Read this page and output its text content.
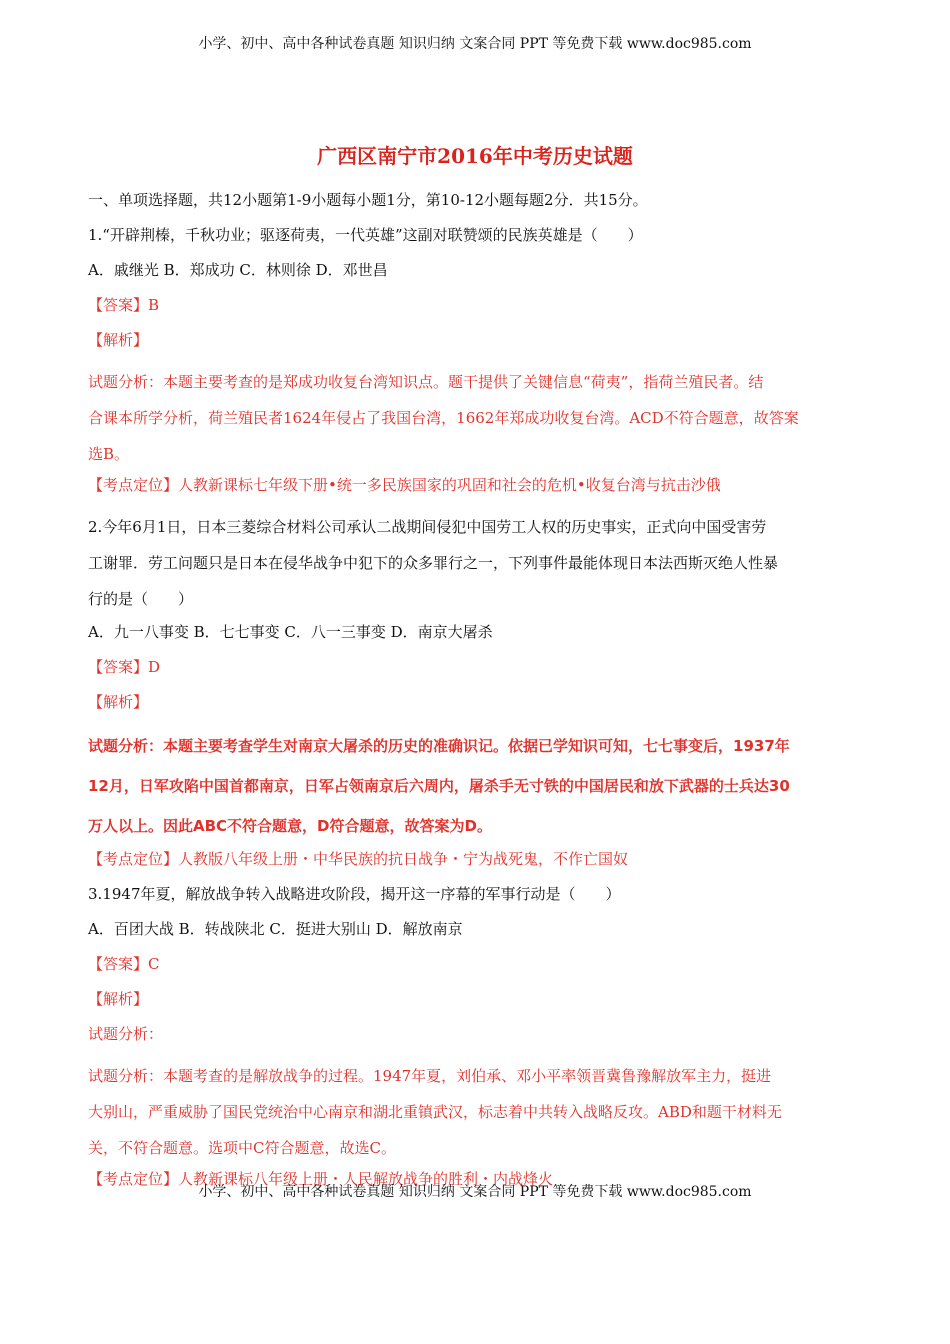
小学、初中、高中各种试卷真题 知识归纳 文案合同 PPT 等免费下载 www.doc985.com
广西区南宁市2016年中考历史试题
一、单项选择题，共12小题第1-9小题每小题1分，第10-12小题每题2分．共15分。
1.“开辟荆榛，千秋功业；驱逐荷夷，一代英雄”这副对联赞颂的民族英雄是（　　）
A．戚继光 B．郑成功 C．林则徐 D．邓世昌
【答案】B
【解析】

试题分析：本题主要考查的是郑成功收复台湾知识点。题干提供了关键信息“荷夷”，指荷兰殖民者。结

合课本所学分析，荷兰殖民者1624年侵占了我国台湾，1662年郑成功收复台湾。ACD不符合题意，故答案

选B。

【考点定位】人教新课标七年级下册•统一多民族国家的巩固和社会的危机•收复台湾与抗击沙俄

2.今年6月1日，日本三菱综合材料公司承认二战期间侵犯中国劳工人权的历史事实，正式向中国受害劳

工谢罪．劳工问题只是日本在侵华战争中犯下的众多罪行之一，下列事件最能体现日本法西斯灭绝人性暴

行的是（　　）

A．九一八事变 B．七七事变 C．八一三事变 D．南京大屠杀
【答案】D
【解析】

试题分析：本题主要考查学生对南京大屠杀的历史的准确识记。依据已学知识可知，七七事变后，1937年

12月，日军攻陷中国首都南京，日军占领南京后六周内，屠杀手无寸铁的中国居民和放下武器的士兵达30

万人以上。因此ABC不符合题意，D符合题意，故答案为D。

【考点定位】人教版八年级上册・中华民族的抗日战争・宁为战死鬼，不作亡国奴
3.1947年夏，解放战争转入战略进攻阶段，揭开这一序幕的军事行动是（　　）
A．百团大战 B．转战陕北 C．挺进大别山 D．解放南京
【答案】C
【解析】
试题分析：

试题分析：本题考查的是解放战争的过程。1947年夏，刘伯承、邓小平率领晋冀鲁豫解放军主力，挺进

大别山，严重威胁了国民党统治中心南京和湖北重镇武汉，标志着中共转入战略反攻。ABD和题干材料无

关，不符合题意。选项中C符合题意，故选C。

【考点定位】人教新课标八年级上册・人民解放战争的胜利・内战烽火
小学、初中、高中各种试卷真题 知识归纳 文案合同 PPT 等免费下载 www.doc985.com
